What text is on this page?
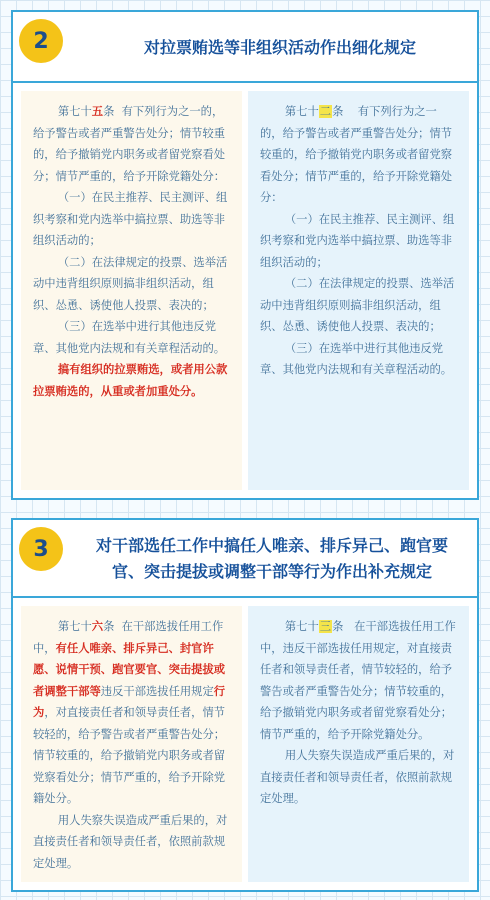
2	对拉票贿选等非组织活动作出细化规定

第七十五条 有下列行为之一的，给予警告或者严重警告处分；情节较重的，给予撤销党内职务或者留党察看处分；情节严重的，给予开除党籍处分：

（一）在民主推荐、民主测评、组织考察和党内选举中搞拉票、助选等非组织活动的；

（二）在法律规定的投票、选举活动中违背组织原则搞非组织活动，组织、怂恿、诱使他人投票、表决的；

（三）在选举中进行其他违反党章、其他党内法规和有关章程活动的。

搞有组织的拉票贿选，或者用公款拉票贿选的，从重或者加重处分。

第七十二条 有下列行为之一的，给予警告或者严重警告处分；情节较重的，给予撤销党内职务或者留党察看处分；情节严重的，给予开除党籍处分：

（一）在民主推荐、民主测评、组织考察和党内选举中搞拉票、助选等非组织活动的；

（二）在法律规定的投票、选举活动中违背组织原则搞非组织活动，组织、怂恿、诱使他人投票、表决的；

（三）在选举中进行其他违反党章、其他党内法规和有关章程活动的。

3	对干部选任工作中搞任人唯亲、排斥异己、跑官要
官、突击提拔或调整干部等行为作出补充规定

第七十六条 在干部选拔任用工作中，有任人唯亲、排斥异己、封官许愿、说情干预、跑官要官、突击提拔或者调整干部等违反干部选拔任用规定行为，对直接责任者和领导责任者，情节较轻的，给予警告或者严重警告处分；情节较重的，给予撤销党内职务或者留党察看处分；情节严重的，给予开除党籍处分。

用人失察失误造成严重后果的，对直接责任者和领导责任者，依照前款规定处理。

第七十三条 在干部选拔任用工作中，违反干部选拔任用规定，对直接责任者和领导责任者，情节较轻的，给予警告或者严重警告处分；情节较重的，给予撤销党内职务或者留党察看处分；情节严重的，给予开除党籍处分。

用人失察失误造成严重后果的，对直接责任者和领导责任者，依照前款规定处理。
